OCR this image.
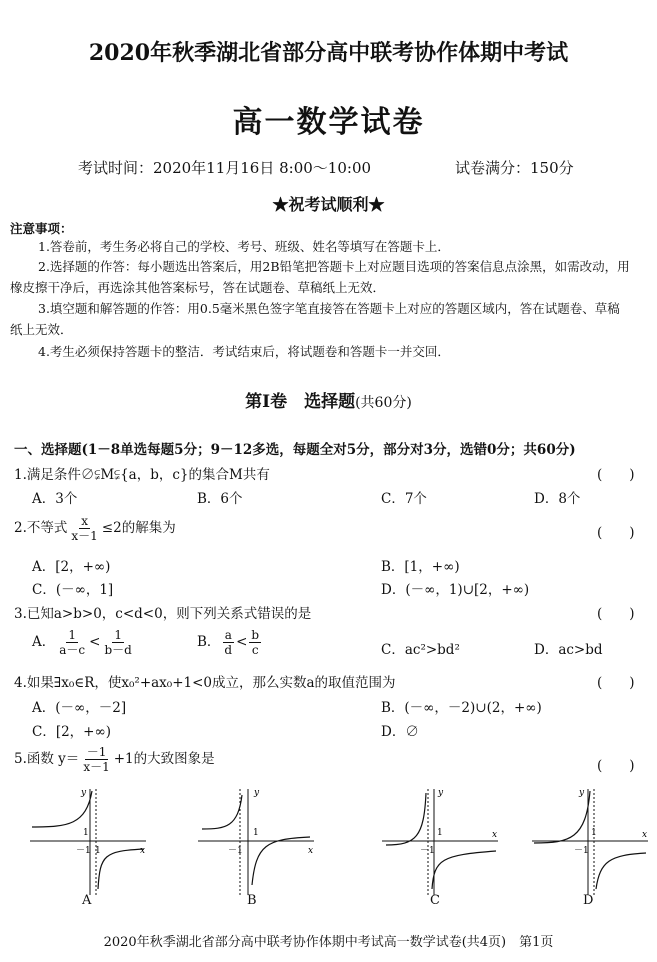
2020年秋季湖北省部分高中联考协作体期中考试
高一数学试卷
考试时间：2020年11月16日 8:00～10:00	试卷满分：150分
★祝考试顺利★
注意事项：
1.答卷前，考生务必将自己的学校、考号、班级、姓名等填写在答题卡上．
2.选择题的作答：每小题选出答案后，用2B铅笔把答题卡上对应题目选项的答案信息点涂黑，如需改动，用
橡皮擦干净后，再选涂其他答案标号，答在试题卷、草稿纸上无效．
3.填空题和解答题的作答：用0.5毫米黑色签字笔直接答在答题卡上对应的答题区域内，答在试题卷、草稿
纸上无效．
4.考生必须保持答题卡的整洁．考试结束后，将试题卷和答题卡一并交回．
第Ⅰ卷　选择题(共60分)
一、选择题(1－8单选每题5分；9－12多选，每题全对5分，部分对3分，选错0分；共60分)
1.满足条件∅⫋M⫋{a，b，c}的集合M共有	(　　)
A．3个	B．6个	C．7个	D．8个
2.不等式 $\frac{x}{x-1} \le 2$的解集为	(　　)
A．[2，+∞)	B．[1，+∞)
C．(－∞，1]	D．(－∞，1)∪[2，+∞)
3.已知a>b>0，c<d<0，则下列关系式错误的是	(　　)
A． $\frac{1}{a-c} < \frac{1}{b-d}$	B． $\frac{a}{d} < \frac{b}{c}$	C．ac²>bd²	D．ac>bd
4.如果∃x₀∈R，使x₀²+ax₀+1<0成立，那么实数a的取值范围为	(　　)
A．(－∞，－2]	B．(－∞，－2)∪(2，+∞)
C．[2，+∞)	D．∅
5.函数 $y= \frac{-1}{x-1} +1$的大致图象是	(　　)
y
x
－1
1
1
A
y
x
－1
1
B
y
x
－1
1
C
y
x
－1
1
D
2020年秋季湖北省部分高中联考协作体期中考试高一数学试卷(共4页)　第1页
